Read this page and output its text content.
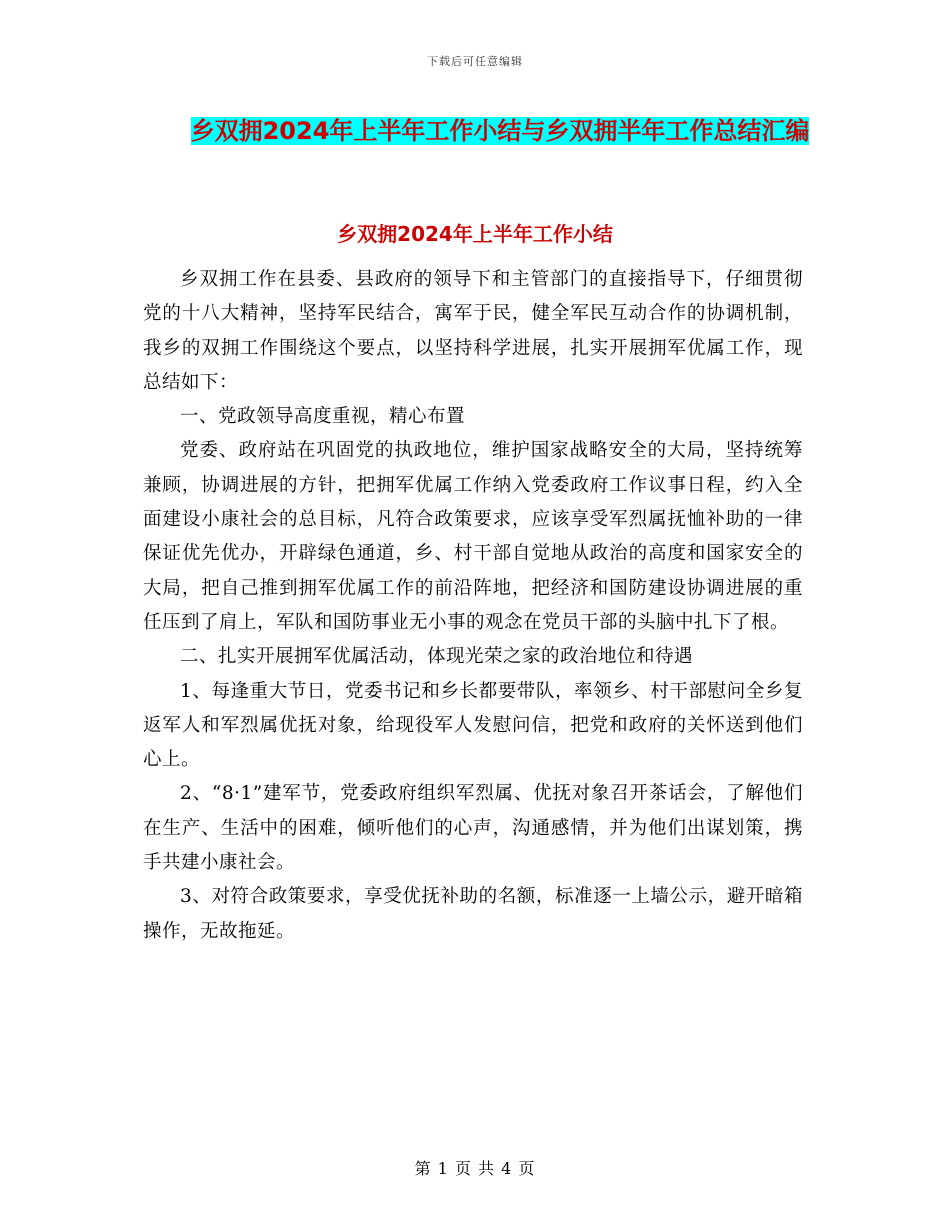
下载后可任意编辑
乡双拥2024年上半年工作小结与乡双拥半年工作总结汇编
乡双拥2024年上半年工作小结

乡双拥工作在县委、县政府的领导下和主管部门的直接指导下，仔细贯彻党的十八大精神，坚持军民结合，寓军于民，健全军民互动合作的协调机制，我乡的双拥工作围绕这个要点，以坚持科学进展，扎实开展拥军优属工作，现总结如下：

一、党政领导高度重视，精心布置

党委、政府站在巩固党的执政地位，维护国家战略安全的大局，坚持统筹兼顾，协调进展的方针，把拥军优属工作纳入党委政府工作议事日程，约入全面建设小康社会的总目标，凡符合政策要求，应该享受军烈属抚恤补助的一律保证优先优办，开辟绿色通道，乡、村干部自觉地从政治的高度和国家安全的大局，把自己推到拥军优属工作的前沿阵地，把经济和国防建设协调进展的重任压到了肩上，军队和国防事业无小事的观念在党员干部的头脑中扎下了根。

二、扎实开展拥军优属活动，体现光荣之家的政治地位和待遇

1、每逢重大节日，党委书记和乡长都要带队，率领乡、村干部慰问全乡复返军人和军烈属优抚对象，给现役军人发慰问信，把党和政府的关怀送到他们心上。

2、“8·1”建军节，党委政府组织军烈属、优抚对象召开茶话会，了解他们在生产、生活中的困难，倾听他们的心声，沟通感情，并为他们出谋划策，携手共建小康社会。

3、对符合政策要求，享受优抚补助的名额，标准逐一上墙公示，避开暗箱操作，无故拖延。

第 1 页 共 4 页
